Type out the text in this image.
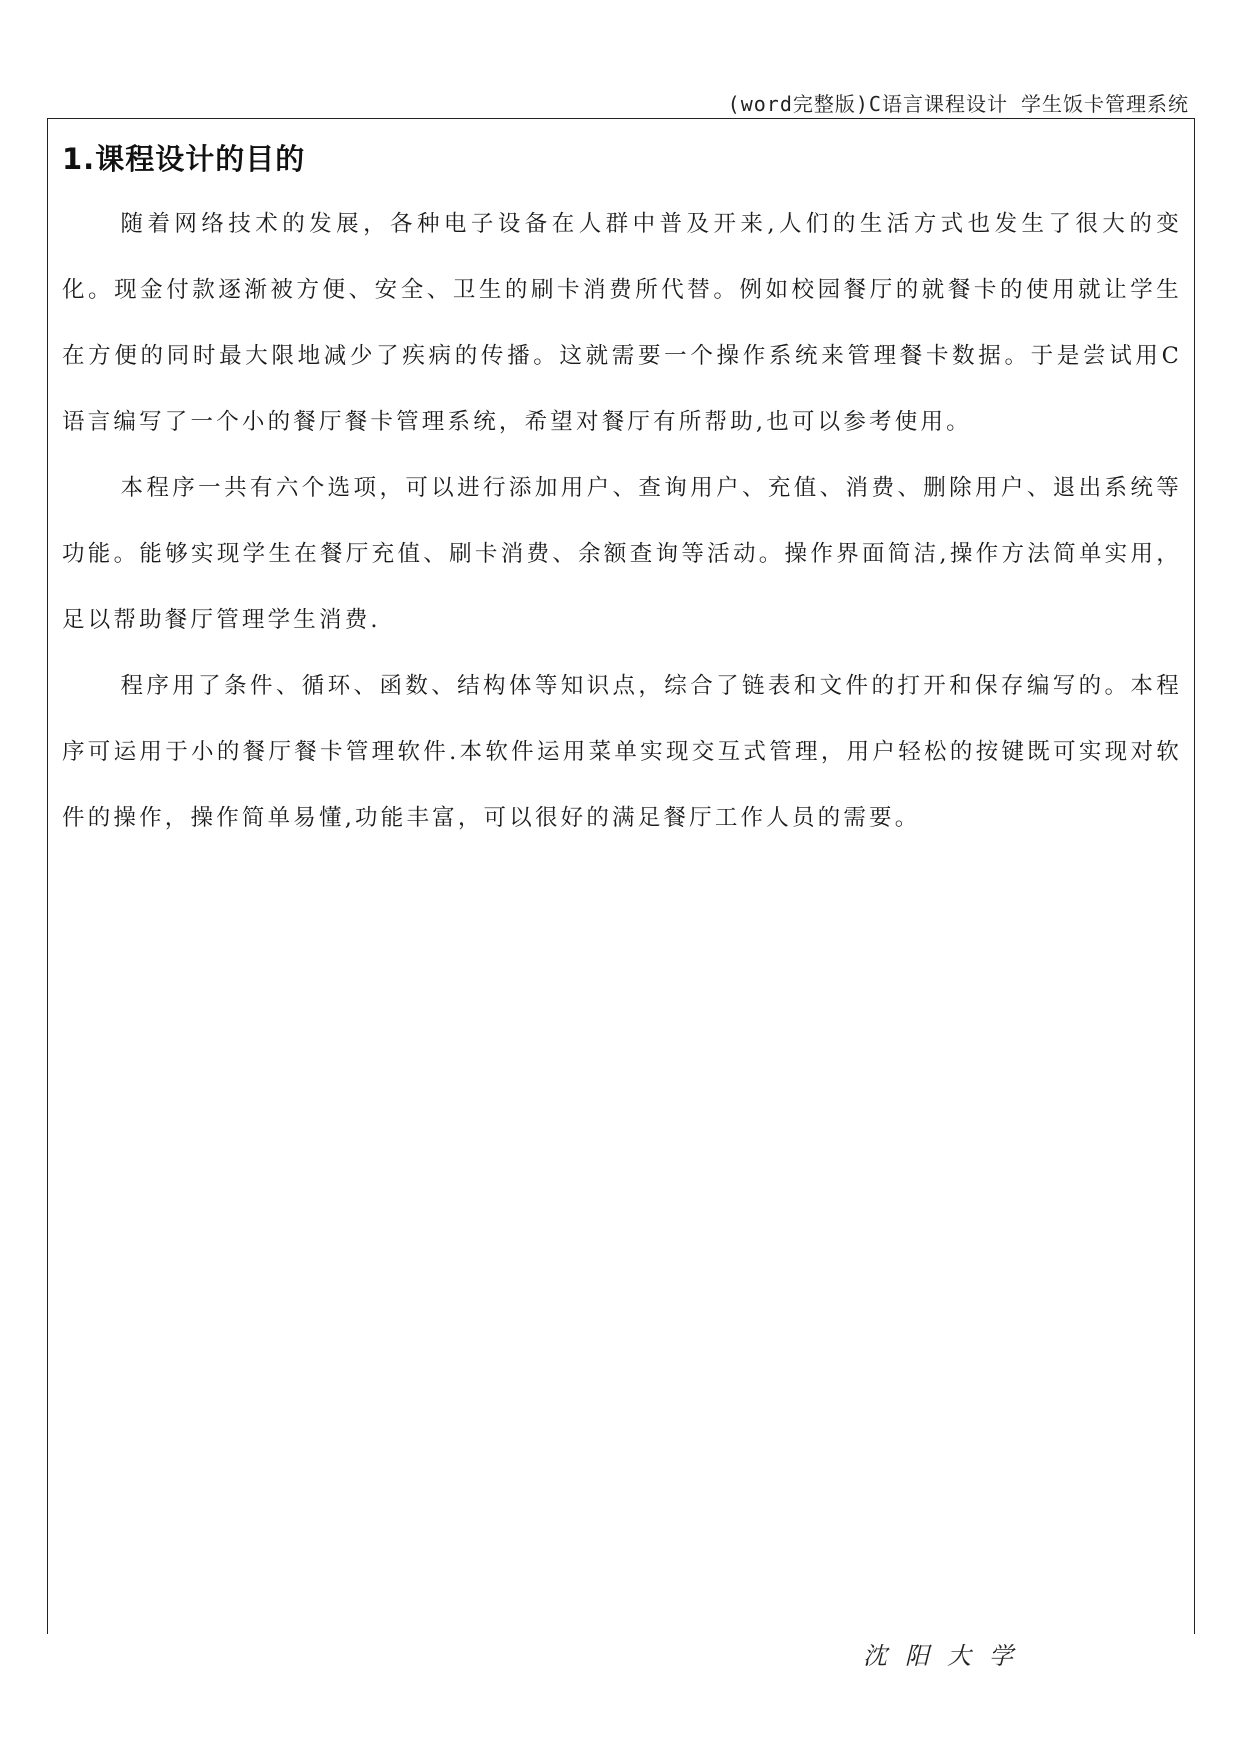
(word完整版)C语言课程设计 学生饭卡管理系统
1.课程设计的目的

随着网络技术的发展，各种电子设备在人群中普及开来,人们的生活方式也发生了很大的变化。现金付款逐渐被方便、安全、卫生的刷卡消费所代替。例如校园餐厅的就餐卡的使用就让学生在方便的同时最大限地减少了疾病的传播。这就需要一个操作系统来管理餐卡数据。于是尝试用C语言编写了一个小的餐厅餐卡管理系统，希望对餐厅有所帮助,也可以参考使用。

本程序一共有六个选项，可以进行添加用户、查询用户、充值、消费、删除用户、退出系统等功能。能够实现学生在餐厅充值、刷卡消费、余额查询等活动。操作界面简洁,操作方法简单实用，足以帮助餐厅管理学生消费.

程序用了条件、循环、函数、结构体等知识点，综合了链表和文件的打开和保存编写的。本程序可运用于小的餐厅餐卡管理软件.本软件运用菜单实现交互式管理，用户轻松的按键既可实现对软件的操作，操作简单易懂,功能丰富，可以很好的满足餐厅工作人员的需要。

沈阳大学
